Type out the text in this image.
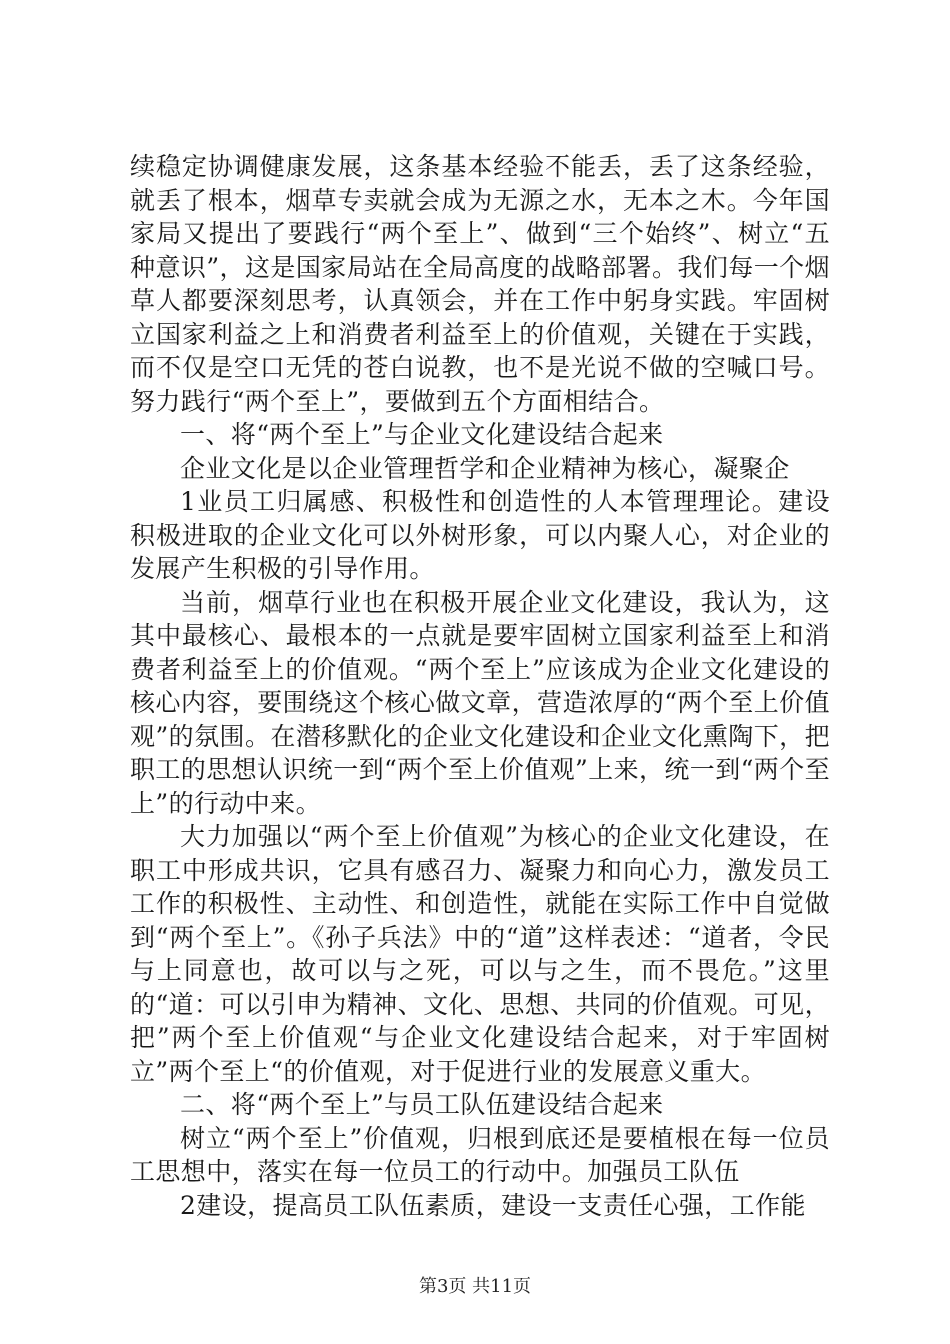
续稳定协调健康发展，这条基本经验不能丢，丢了这条经验，就丢了根本，烟草专卖就会成为无源之水，无本之木。今年国家局又提出了要践行“两个至上”、做到“三个始终”、树立“五种意识”，这是国家局站在全局高度的战略部署。我们每一个烟草人都要深刻思考，认真领会，并在工作中躬身实践。牢固树立国家利益之上和消费者利益至上的价值观，关键在于实践，而不仅是空口无凭的苍白说教，也不是光说不做的空喊口号。努力践行“两个至上”，要做到五个方面相结合。

一、将“两个至上”与企业文化建设结合起来

企业文化是以企业管理哲学和企业精神为核心，凝聚企

1业员工归属感、积极性和创造性的人本管理理论。建设积极进取的企业文化可以外树形象，可以内聚人心，对企业的发展产生积极的引导作用。

当前，烟草行业也在积极开展企业文化建设，我认为，这其中最核心、最根本的一点就是要牢固树立国家利益至上和消费者利益至上的价值观。“两个至上”应该成为企业文化建设的核心内容，要围绕这个核心做文章，营造浓厚的“两个至上价值观”的氛围。在潜移默化的企业文化建设和企业文化熏陶下，把职工的思想认识统一到“两个至上价值观”上来，统一到“两个至上”的行动中来。

大力加强以“两个至上价值观”为核心的企业文化建设，在职工中形成共识，它具有感召力、凝聚力和向心力，激发员工工作的积极性、主动性、和创造性，就能在实际工作中自觉做到“两个至上”。《孙子兵法》中的“道”这样表述：“道者，令民与上同意也，故可以与之死，可以与之生，而不畏危。”这里的“道：可以引申为精神、文化、思想、共同的价值观。可见，把”两个至上价值观“与企业文化建设结合起来，对于牢固树立”两个至上“的价值观，对于促进行业的发展意义重大。

二、将“两个至上”与员工队伍建设结合起来

树立“两个至上”价值观，归根到底还是要植根在每一位员工思想中，落实在每一位员工的行动中。加强员工队伍

2建设，提高员工队伍素质，建设一支责任心强，工作能

第3页 共11页
